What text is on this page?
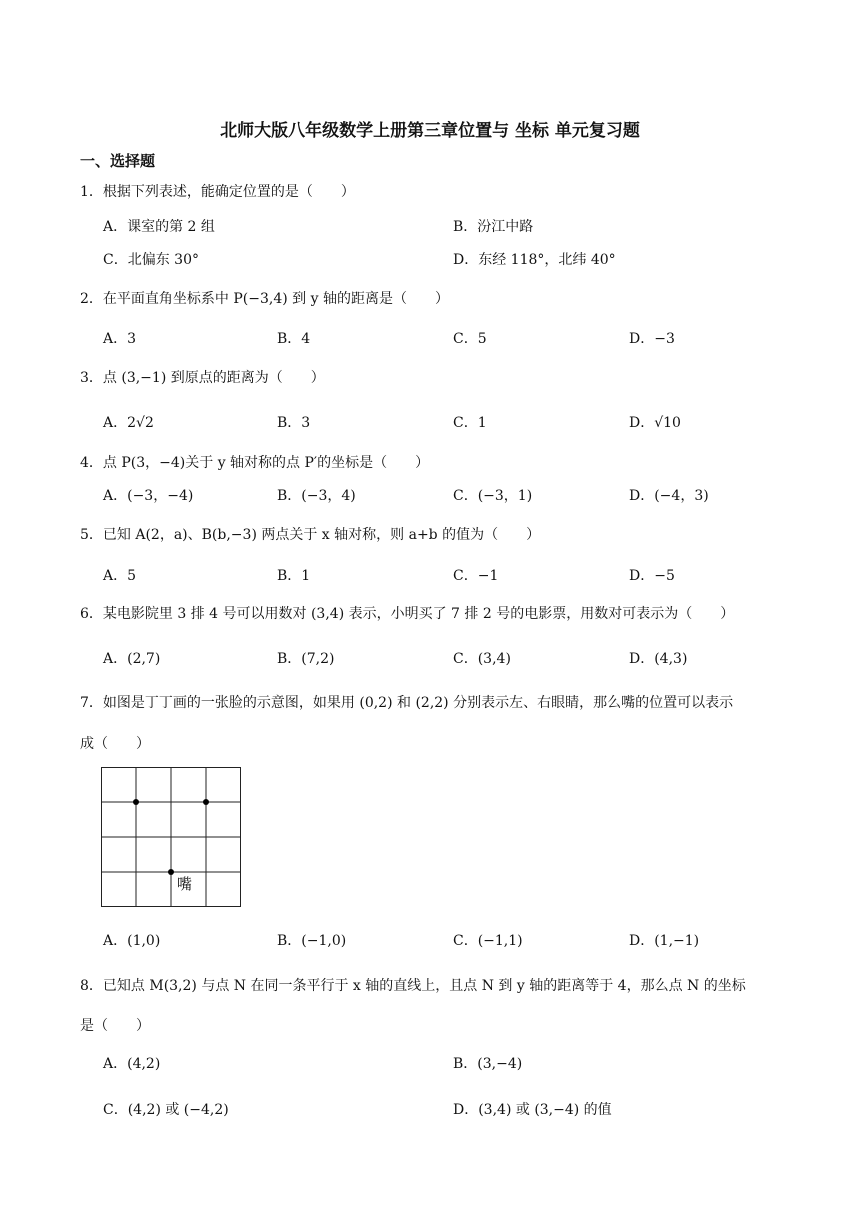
北师大版八年级数学上册第三章位置与 坐标 单元复习题
一、选择题
1．根据下列表述，能确定位置的是（　　）
A．课室的第 2 组	B．汾江中路
C．北偏东 30°	D．东经 118°，北纬 40°
2．在平面直角坐标系中 P(−3,4) 到 y 轴的距离是（　　）
A．3	B．4	C．5	D．−3
3．点 (3,−1) 到原点的距离为（　　）
A．2√2	B．3	C．1	D．√10
4．点 P(3，−4)关于 y 轴对称的点 P′的坐标是（　　）
A．(−3，−4)	B．(−3，4)	C．(−3，1)	D．(−4，3)
5．已知 A(2，a)、B(b,−3) 两点关于 x 轴对称，则 a+b 的值为（　　）
A．5	B．1	C．−1	D．−5
6．某电影院里 3 排 4 号可以用数对 (3,4) 表示，小明买了 7 排 2 号的电影票，用数对可表示为（　　）
A．(2,7)	B．(7,2)	C．(3,4)	D．(4,3)
7．如图是丁丁画的一张脸的示意图，如果用 (0,2) 和 (2,2) 分别表示左、右眼睛，那么嘴的位置可以表示
成（　　）
嘴
A．(1,0)	B．(−1,0)	C．(−1,1)	D．(1,−1)
8．已知点 M(3,2) 与点 N 在同一条平行于 x 轴的直线上，且点 N 到 y 轴的距离等于 4，那么点 N 的坐标
是（　　）
A．(4,2)	B．(3,−4)
C．(4,2) 或 (−4,2)	D．(3,4) 或 (3,−4) 的值
